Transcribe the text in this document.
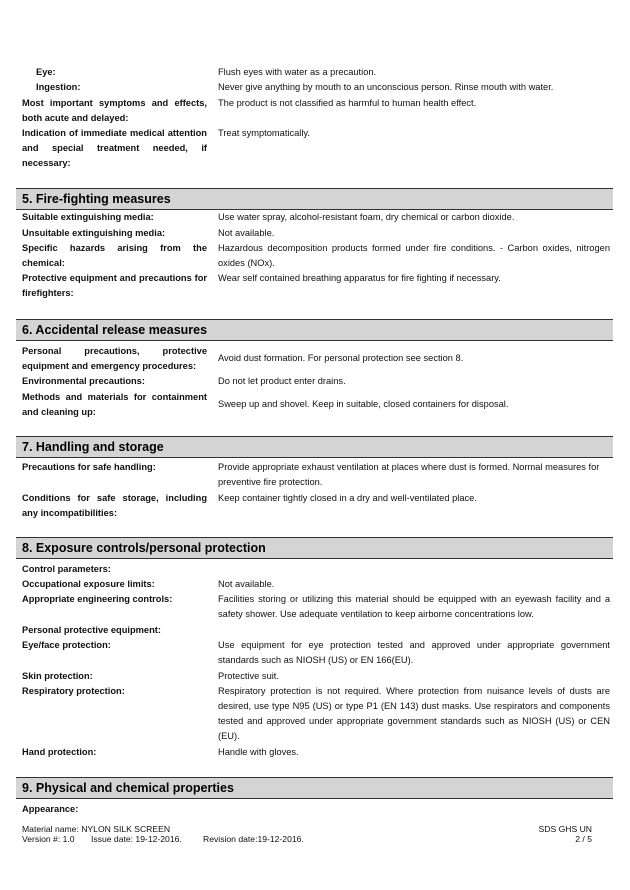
Eye:	Flush eyes with water as a precaution.
Ingestion:	Never give anything by mouth to an unconscious person. Rinse mouth with water.
Most important symptoms and effects, both acute and delayed:
The product is not classified as harmful to human health effect.
Indication of immediate medical attention and special treatment needed, if necessary:
Treat symptomatically.
5. Fire-fighting measures
Suitable extinguishing media:	Use water spray, alcohol-resistant foam, dry chemical or carbon dioxide.
Unsuitable extinguishing media:	Not available.
Specific hazards arising from the chemical:
Hazardous decomposition products formed under fire conditions. - Carbon oxides, nitrogen oxides (NOx).
Protective equipment and precautions for firefighters:
Wear self contained breathing apparatus for fire fighting if necessary.
6. Accidental release measures
Personal precautions, protective equipment and emergency procedures:
Avoid dust formation. For personal protection see section 8.
Environmental precautions:	Do not let product enter drains.
Methods and materials for containment and cleaning up:
Sweep up and shovel. Keep in suitable, closed containers for disposal.
7. Handling and storage
Precautions for safe handling:	Provide appropriate exhaust ventilation at places where dust is formed. Normal measures for preventive fire protection.
Conditions for safe storage, including any incompatibilities:
Keep container tightly closed in a dry and well-ventilated place.
8. Exposure controls/personal protection
Control parameters:
Occupational exposure limits:	Not available.
Appropriate engineering controls:	Facilities storing or utilizing this material should be equipped with an eyewash facility and a safety shower. Use adequate ventilation to keep airborne concentrations low.
Personal protective equipment:
Eye/face protection:	Use equipment for eye protection tested and approved under appropriate government standards such as NIOSH (US) or EN 166(EU).
Skin protection:	Protective suit.
Respiratory protection:	Respiratory protection is not required. Where protection from nuisance levels of dusts are desired, use type N95 (US) or type P1 (EN 143) dust masks. Use respirators and components tested and approved under appropriate government standards such as NIOSH (US) or CEN (EU).
Hand protection:	Handle with gloves.
9. Physical and chemical properties
Appearance:
Material name: NYLON SILK SCREEN
Version #: 1.0 Issue date: 19-12-2016. Revision date:19-12-2016.
SDS GHS UN
2 / 5
